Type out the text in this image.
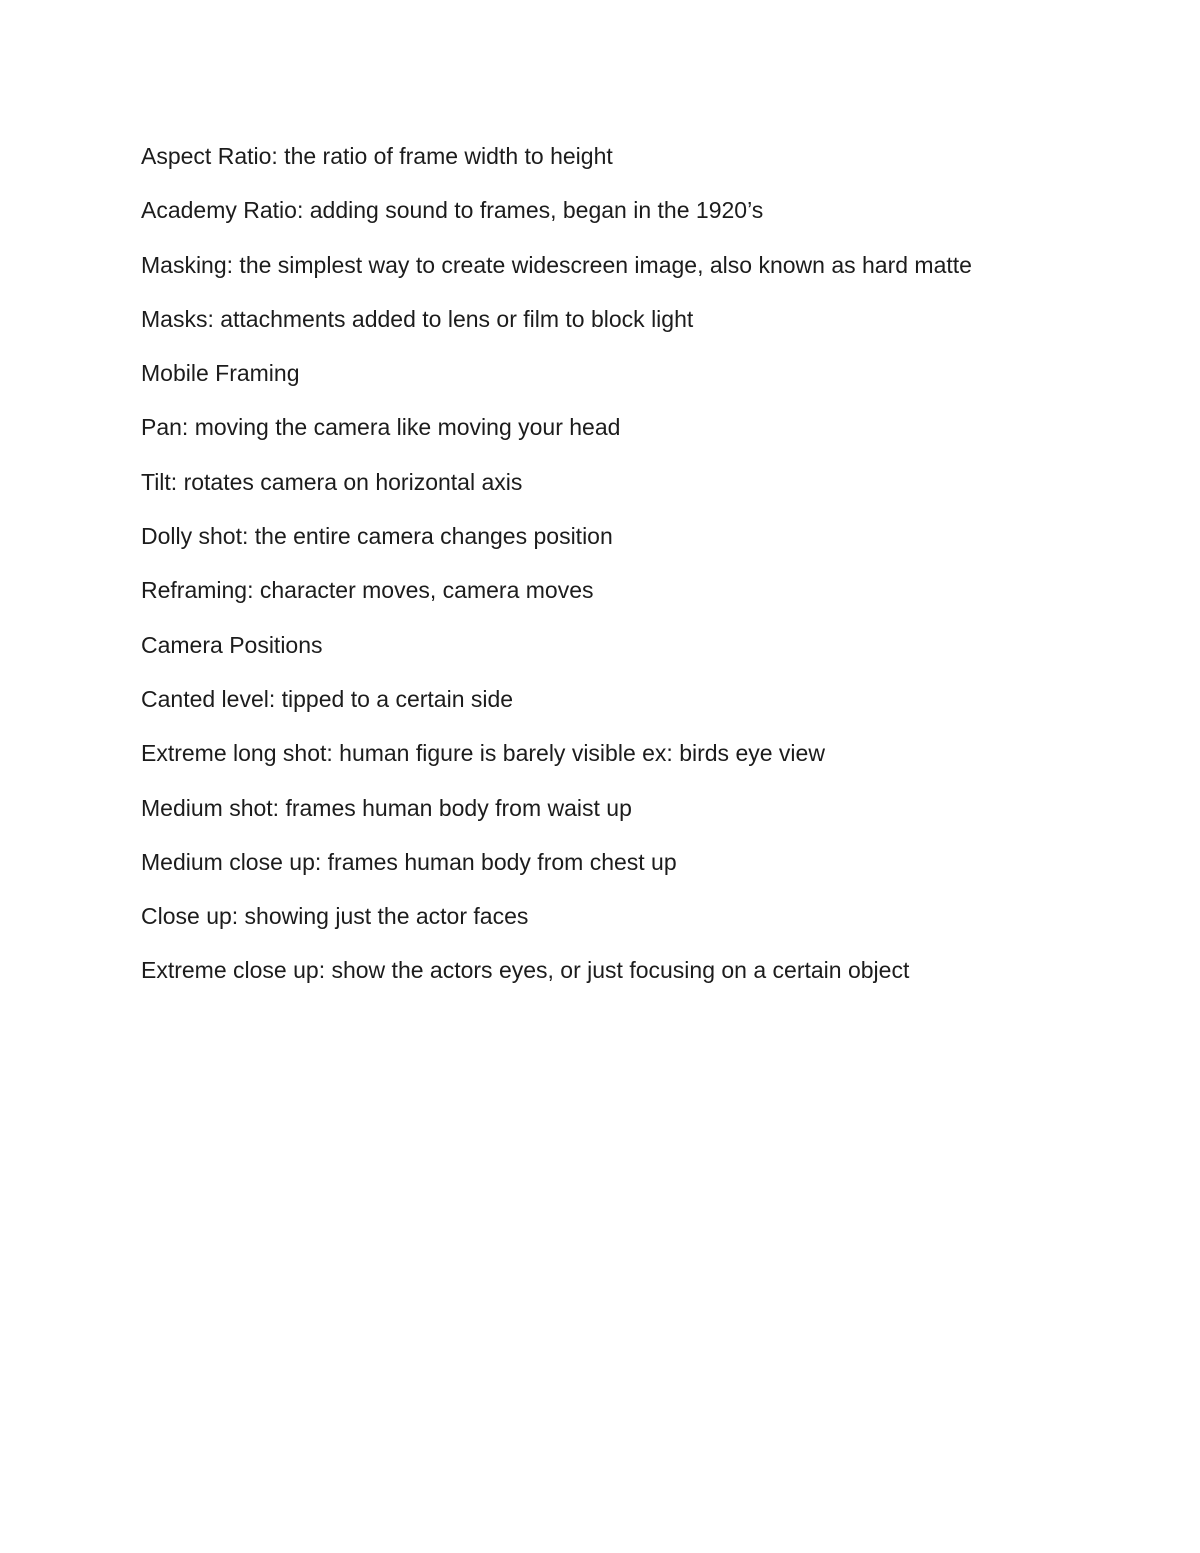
Aspect Ratio: the ratio of frame width to height
Academy Ratio: adding sound to frames, began in the 1920’s
Masking: the simplest way to create widescreen image, also known as hard matte
Masks: attachments added to lens or film to block light
Mobile Framing
Pan: moving the camera like moving your head
Tilt: rotates camera on horizontal axis
Dolly shot: the entire camera changes position
Reframing: character moves, camera moves
Camera Positions
Canted level: tipped to a certain side
Extreme long shot: human figure is barely visible ex: birds eye view
Medium shot: frames human body from waist up
Medium close up: frames human body from chest up
Close up: showing just the actor faces
Extreme close up: show the actors eyes, or just focusing on a certain object
